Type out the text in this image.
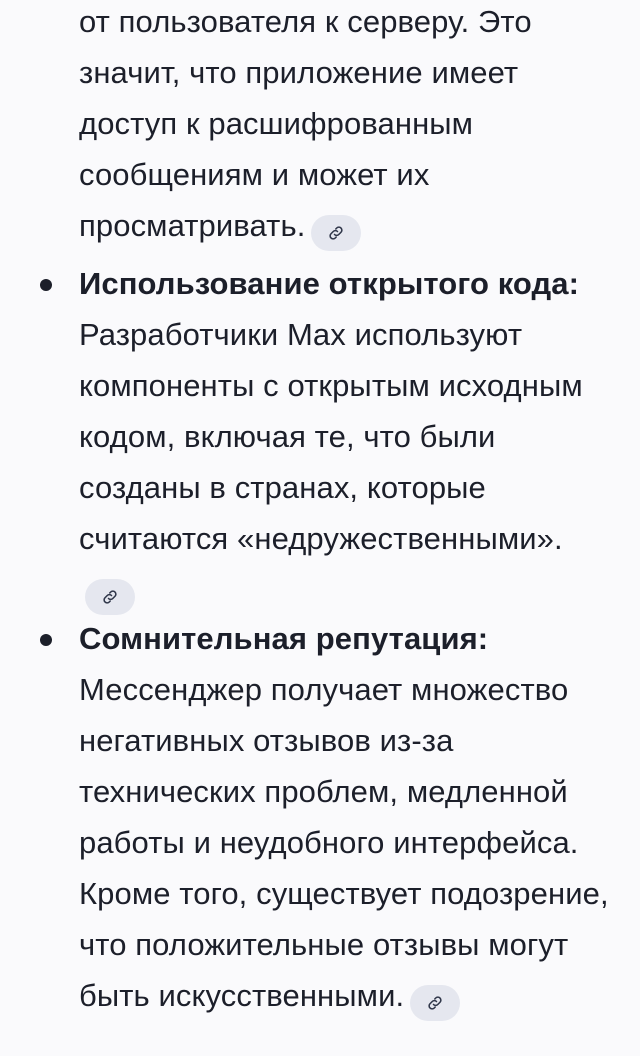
от пользователя к серверу. Это значит, что приложение имеет доступ к расшифрованным сообщениям и может их просматривать.
Использование открытого кода: Разработчики Max используют компоненты с открытым исходным кодом, включая те, что были созданы в странах, которые считаются «недружественными».
Сомнительная репутация: Мессенджер получает множество негативных отзывов из-за технических проблем, медленной работы и неудобного интерфейса. Кроме того, существует подозрение, что положительные отзывы могут быть искусственными.
